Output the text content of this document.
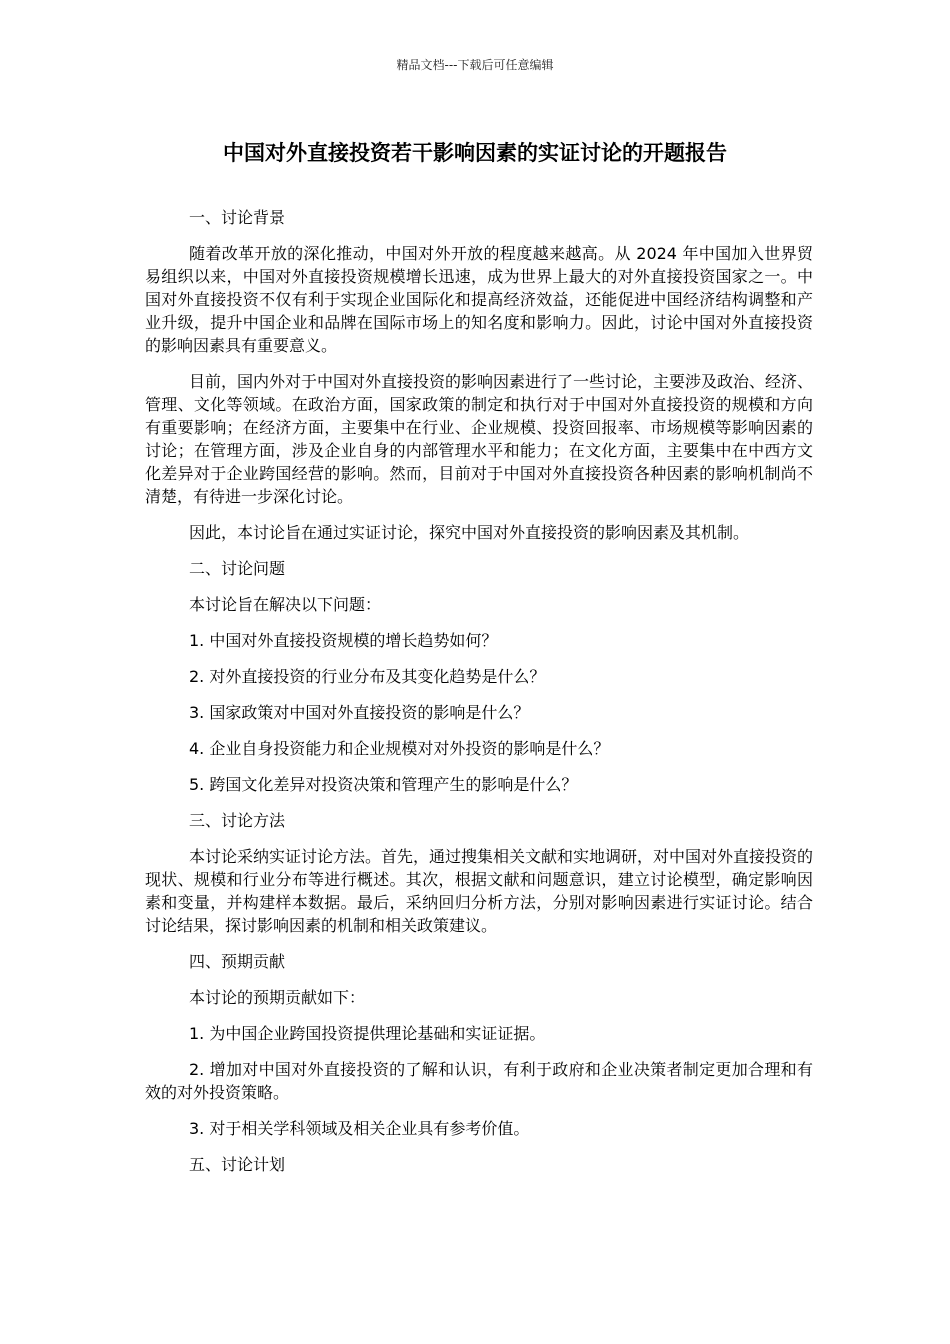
精品文档---下载后可任意编辑
中国对外直接投资若干影响因素的实证讨论的开题报告

一、讨论背景

随着改革开放的深化推动，中国对外开放的程度越来越高。从 2024 年中国加入世界贸易组织以来，中国对外直接投资规模增长迅速，成为世界上最大的对外直接投资国家之一。中国对外直接投资不仅有利于实现企业国际化和提高经济效益，还能促进中国经济结构调整和产业升级，提升中国企业和品牌在国际市场上的知名度和影响力。因此，讨论中国对外直接投资的影响因素具有重要意义。

目前，国内外对于中国对外直接投资的影响因素进行了一些讨论，主要涉及政治、经济、管理、文化等领域。在政治方面，国家政策的制定和执行对于中国对外直接投资的规模和方向有重要影响；在经济方面，主要集中在行业、企业规模、投资回报率、市场规模等影响因素的讨论；在管理方面，涉及企业自身的内部管理水平和能力；在文化方面，主要集中在中西方文化差异对于企业跨国经营的影响。然而，目前对于中国对外直接投资各种因素的影响机制尚不清楚，有待进一步深化讨论。

因此，本讨论旨在通过实证讨论，探究中国对外直接投资的影响因素及其机制。

二、讨论问题

本讨论旨在解决以下问题：

1. 中国对外直接投资规模的增长趋势如何？

2. 对外直接投资的行业分布及其变化趋势是什么？

3. 国家政策对中国对外直接投资的影响是什么？

4. 企业自身投资能力和企业规模对对外投资的影响是什么？

5. 跨国文化差异对投资决策和管理产生的影响是什么？

三、讨论方法

本讨论采纳实证讨论方法。首先，通过搜集相关文献和实地调研，对中国对外直接投资的现状、规模和行业分布等进行概述。其次，根据文献和问题意识，建立讨论模型，确定影响因素和变量，并构建样本数据。最后，采纳回归分析方法，分别对影响因素进行实证讨论。结合讨论结果，探讨影响因素的机制和相关政策建议。

四、预期贡献

本讨论的预期贡献如下：

1. 为中国企业跨国投资提供理论基础和实证证据。

2. 增加对中国对外直接投资的了解和认识，有利于政府和企业决策者制定更加合理和有效的对外投资策略。

3. 对于相关学科领域及相关企业具有参考价值。

五、讨论计划
